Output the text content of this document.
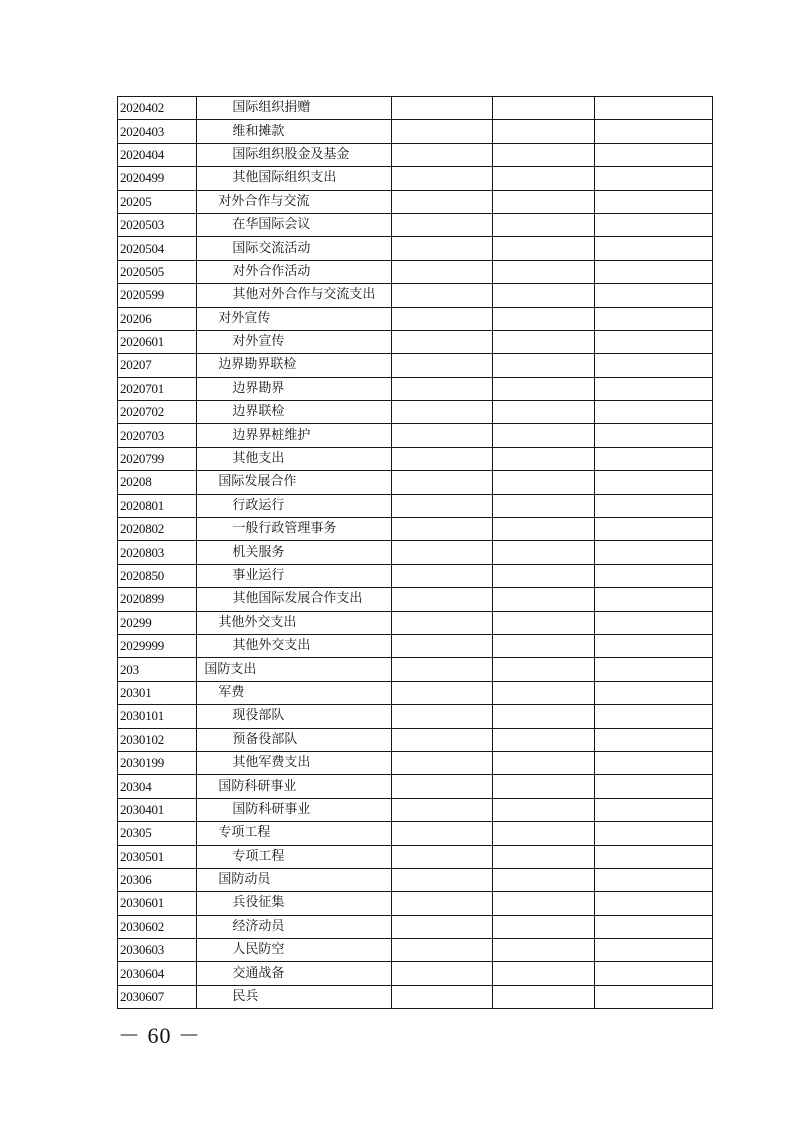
2020402	国际组织捐赠			
2020403	维和摊款			
2020404	国际组织股金及基金			
2020499	其他国际组织支出			
20205	对外合作与交流			
2020503	在华国际会议			
2020504	国际交流活动			
2020505	对外合作活动			
2020599	其他对外合作与交流支出			
20206	对外宣传			
2020601	对外宣传			
20207	边界勘界联检			
2020701	边界勘界			
2020702	边界联检			
2020703	边界界桩维护			
2020799	其他支出			
20208	国际发展合作			
2020801	行政运行			
2020802	一般行政管理事务			
2020803	机关服务			
2020850	事业运行			
2020899	其他国际发展合作支出			
20299	其他外交支出			
2029999	其他外交支出			
203	国防支出			
20301	军费			
2030101	现役部队			
2030102	预备役部队			
2030199	其他军费支出			
20304	国防科研事业			
2030401	国防科研事业			
20305	专项工程			
2030501	专项工程			
20306	国防动员			
2030601	兵役征集			
2030602	经济动员			
2030603	人民防空			
2030604	交通战备			
2030607	民兵			
－ 60 －
